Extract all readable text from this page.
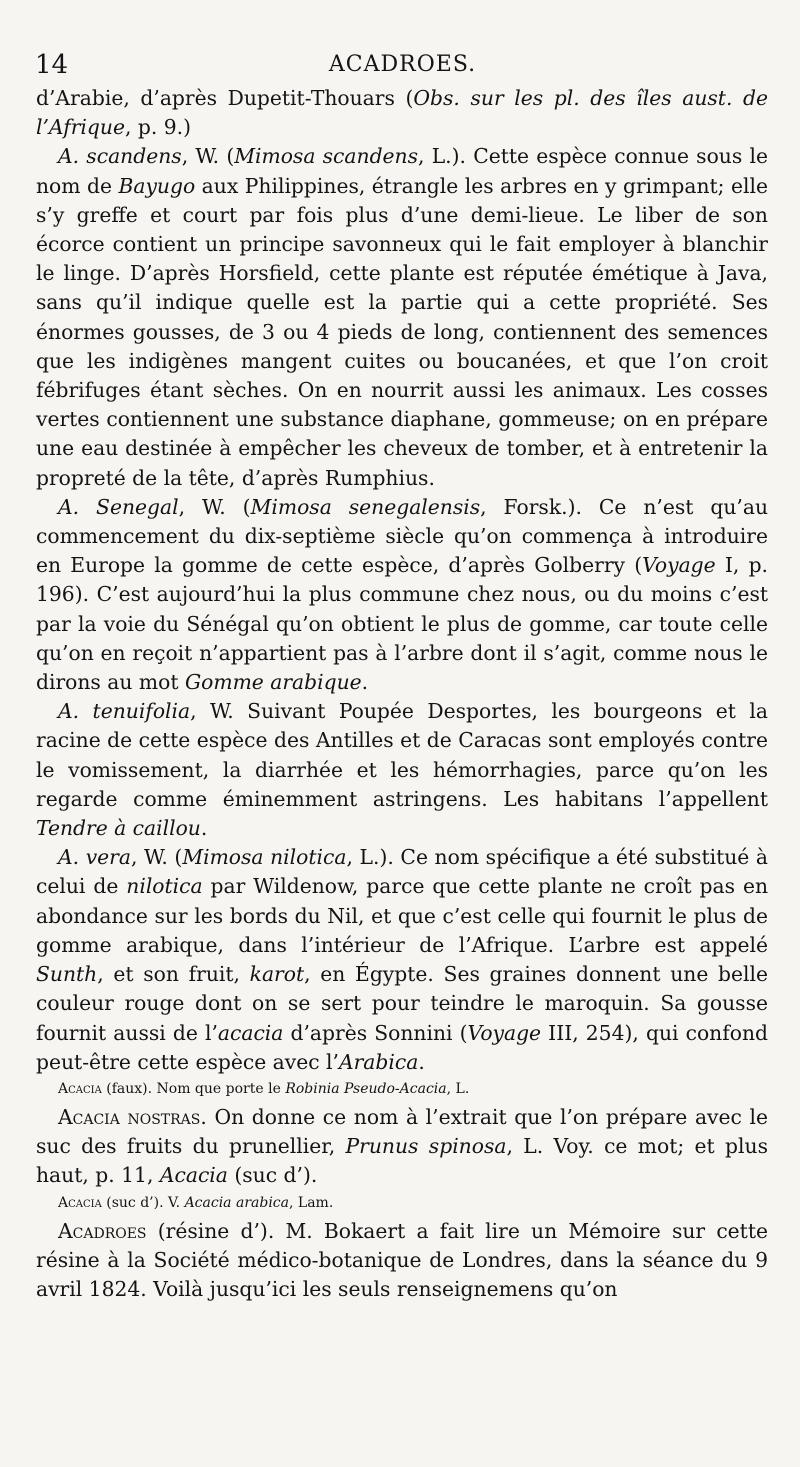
14	ACADROES.

d’Arabie, d’après Dupetit-Thouars (Obs. sur les pl. des îles aust. de l’Afrique, p. 9.)

A. scandens, W. (Mimosa scandens, L.). Cette espèce connue sous le nom de Bayugo aux Philippines, étrangle les arbres en y grimpant; elle s’y greffe et court par fois plus d’une demi-lieue. Le liber de son écorce contient un principe savonneux qui le fait employer à blanchir le linge. D’après Horsfield, cette plante est réputée émétique à Java, sans qu’il indique quelle est la partie qui a cette propriété. Ses énormes gousses, de 3 ou 4 pieds de long, contiennent des semences que les indigènes mangent cuites ou boucanées, et que l’on croit fébrifuges étant sèches. On en nourrit aussi les animaux. Les cosses vertes contiennent une substance diaphane, gommeuse; on en prépare une eau destinée à empêcher les cheveux de tomber, et à entretenir la propreté de la tête, d’après Rumphius.

A. Senegal, W. (Mimosa senegalensis, Forsk.). Ce n’est qu’au commencement du dix-septième siècle qu’on commença à introduire en Europe la gomme de cette espèce, d’après Golberry (Voyage I, p. 196). C’est aujourd’hui la plus commune chez nous, ou du moins c’est par la voie du Sénégal qu’on obtient le plus de gomme, car toute celle qu’on en reçoit n’appartient pas à l’arbre dont il s’agit, comme nous le dirons au mot Gomme arabique.

A. tenuifolia, W. Suivant Poupée Desportes, les bourgeons et la racine de cette espèce des Antilles et de Caracas sont employés contre le vomissement, la diarrhée et les hémorrhagies, parce qu’on les regarde comme éminemment astringens. Les habitans l’appellent Tendre à caillou.

A. vera, W. (Mimosa nilotica, L.). Ce nom spécifique a été substitué à celui de nilotica par Wildenow, parce que cette plante ne croît pas en abondance sur les bords du Nil, et que c’est celle qui fournit le plus de gomme arabique, dans l’intérieur de l’Afrique. L’arbre est appelé Sunth, et son fruit, karot, en Égypte. Ses graines donnent une belle couleur rouge dont on se sert pour teindre le maroquin. Sa gousse fournit aussi de l’acacia d’après Sonnini (Voyage III, 254), qui confond peut-être cette espèce avec l’Arabica.

Acacia (faux). Nom que porte le Robinia Pseudo-Acacia, L.

Acacia nostras. On donne ce nom à l’extrait que l’on prépare avec le suc des fruits du prunellier, Prunus spinosa, L. Voy. ce mot; et plus haut, p. 11, Acacia (suc d’).

Acacia (suc d’). V. Acacia arabica, Lam.

Acadroes (résine d’). M. Bokaert a fait lire un Mémoire sur cette résine à la Société médico-botanique de Londres, dans la séance du 9 avril 1824. Voilà jusqu’ici les seuls renseignemens qu’on
